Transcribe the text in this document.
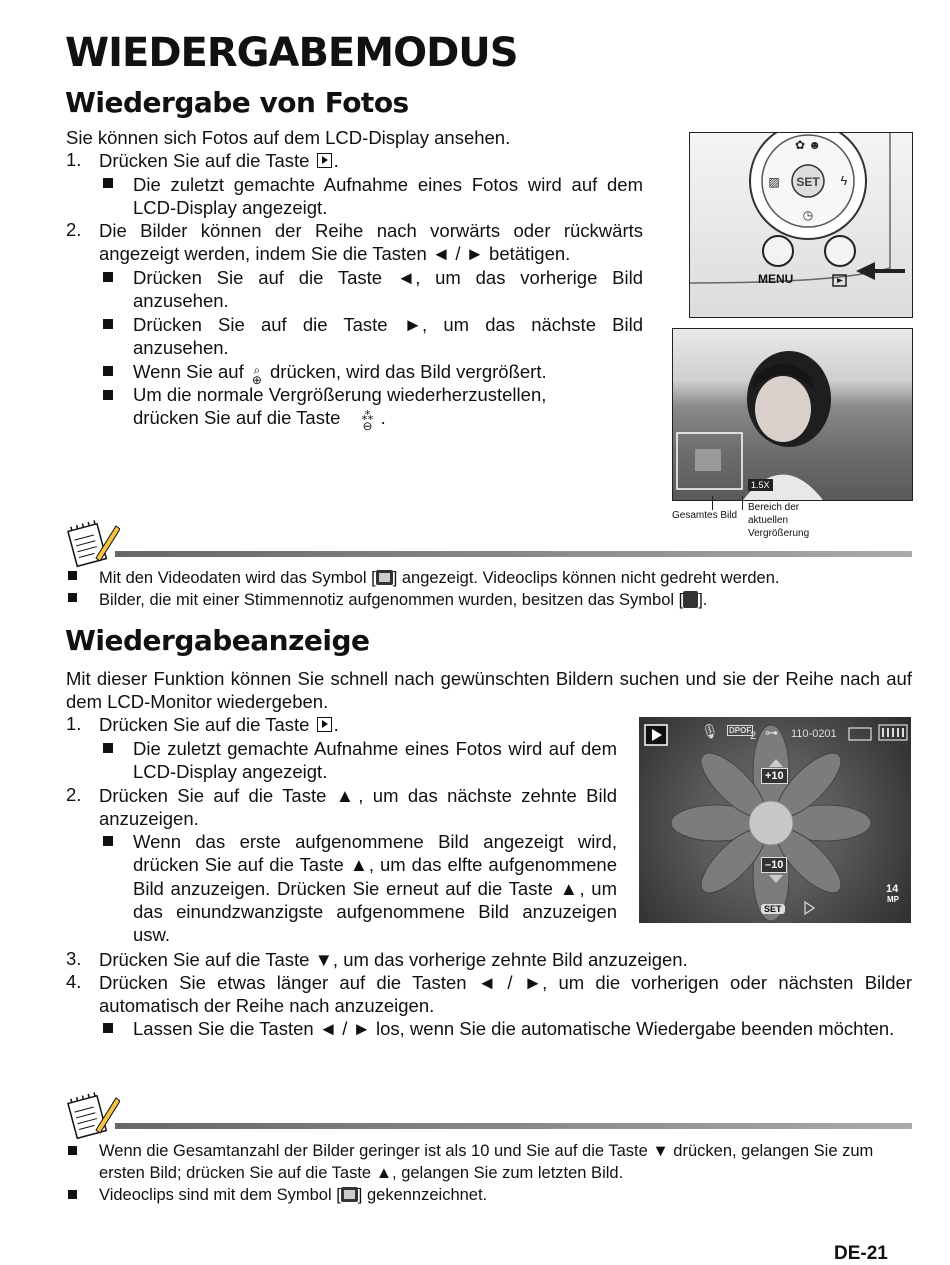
WIEDERGABEMODUS
Wiedergabe von Fotos
Sie können sich Fotos auf dem LCD-Display ansehen.
1. Drücken Sie auf die Taste .
Die zuletzt gemachte Aufnahme eines Fotos wird auf dem LCD-Display angezeigt.
2. Die Bilder können der Reihe nach vorwärts oder rückwärts angezeigt werden, indem Sie die Tasten ◄ / ► betätigen.
Drücken Sie auf die Taste ◄, um das vorherige Bild anzusehen.
Drücken Sie auf die Taste ►, um das nächste Bild anzusehen.
Wenn Sie auf ⌕
⊕ drücken, wird das Bild vergrößert.
Um die normale Vergrößerung wiederherzustellen,
drücken Sie auf die Taste ⁂
⊖ .
SET
✿ ☻
▨	ϟ
◷
MENU
1.5X
Gesamtes Bild
Bereich der aktuellen Vergrößerung
Mit den Videodaten wird das Symbol [ ] angezeigt. Videoclips können nicht gedreht werden.
Bilder, die mit einer Stimmennotiz aufgenommen wurden, besitzen das Symbol [ ].
Wiedergabeanzeige
Mit dieser Funktion können Sie schnell nach gewünschten Bildern suchen und sie der Reihe nach auf dem LCD-Monitor wiedergeben.
1. Drücken Sie auf die Taste .
Die zuletzt gemachte Aufnahme eines Fotos wird auf dem LCD-Display angezeigt.
2. Drücken Sie auf die Taste ▲, um das nächste zehnte Bild anzuzeigen.
Wenn das erste aufgenommene Bild angezeigt wird, drücken Sie auf die Taste ▲, um das elfte aufgenommene Bild anzuzeigen. Drücken Sie erneut auf die Taste ▲, um das einundzwanzigste aufgenommene Bild anzuzeigen usw.
3. Drücken Sie auf die Taste ▼, um das vorherige zehnte Bild anzuzeigen.
4. Drücken Sie etwas länger auf die Tasten ◄ / ►, um die vorherigen oder nächsten Bilder automatisch der Reihe nach anzuzeigen.
Lassen Sie die Tasten ◄ / ► los, wenn Sie die automatische Wiedergabe beenden möchten.
🎙 DPOF
2 ⊶ 110-0201
+10
–10
14
MP
SET
Wenn die Gesamtanzahl der Bilder geringer ist als 10 und Sie auf die Taste ▼ drücken, gelangen Sie zum ersten Bild; drücken Sie auf die Taste ▲, gelangen Sie zum letzten Bild.
Videoclips sind mit dem Symbol [ ] gekennzeichnet.
DE-21
